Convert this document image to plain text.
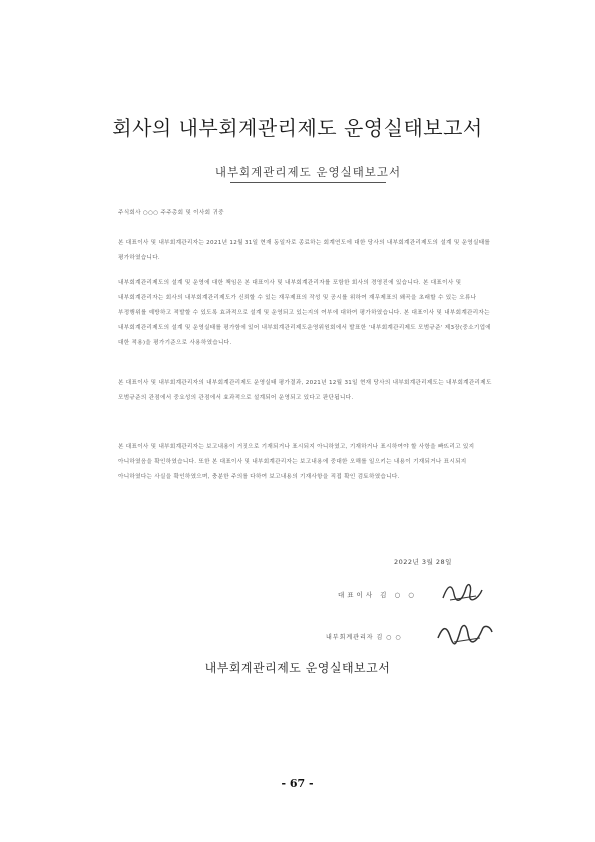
회사의 내부회계관리제도 운영실태보고서
내부회계관리제도 운영실태보고서
주식회사 ○○○ 주주총회 및 이사회 귀중
본 대표이사 및 내부회계관리자는 2021년 12월 31일 현재 동일자로 종료하는 회계연도에 대한 당사의 내부회계관리제도의 설계 및 운영실태를 평가하였습니다.
내부회계관리제도의 설계 및 운영에 대한 책임은 본 대표이사 및 내부회계관리자를 포함한 회사의 경영진에 있습니다. 본 대표이사 및 내부회계관리자는 회사의 내부회계관리제도가 신뢰할 수 있는 재무제표의 작성 및 공시를 위하여 재무제표의 왜곡을 초래할 수 있는 오류나 부정행위를 예방하고 적발할 수 있도록 효과적으로 설계 및 운영되고 있는지의 여부에 대하여 평가하였습니다. 본 대표이사 및 내부회계관리자는 내부회계관리제도의 설계 및 운영실태를 평가함에 있어 내부회계관리제도운영위원회에서 발표한 '내부회계관리제도 모범규준' 제3장(중소기업에 대한 적용)을 평가기준으로 사용하였습니다.
본 대표이사 및 내부회계관리자의 내부회계관리제도 운영실태 평가결과, 2021년 12월 31일 현재 당사의 내부회계관리제도는 내부회계관리제도 모범규준의 관점에서 중요성의 관점에서 효과적으로 설계되어 운영되고 있다고 판단됩니다.
본 대표이사 및 내부회계관리자는 보고내용이 거짓으로 기재되거나 표시되지 아니하였고, 기재하거나 표시하여야 할 사항을 빠뜨리고 있지 아니하였음을 확인하였습니다. 또한 본 대표이사 및 내부회계관리자는 보고내용에 중대한 오해를 일으키는 내용이 기재되거나 표시되지 아니하였다는 사실을 확인하였으며, 충분한 주의를 다하여 보고내용의 기재사항을 직접 확인 검토하였습니다.
2022년 3월 28일
대표이사 김 ○ ○
내부회계관리자 김 ○ ○
내부회계관리제도 운영실태보고서
- 67 -
